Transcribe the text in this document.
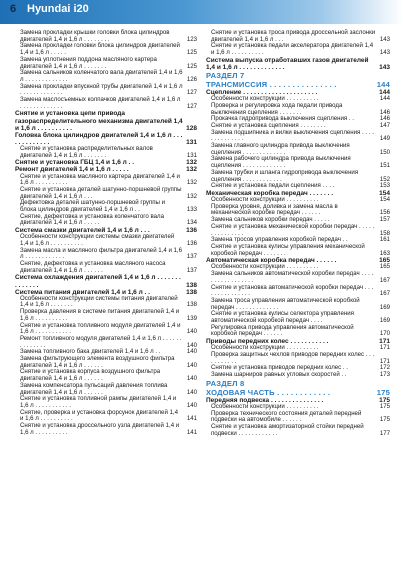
6 Hyundai i20
Замена прокладки крышки головки блока цилиндров двигателей 1,4 и 1,6 л . . . . . . . .	123
Замена прокладки головки блока цилиндров двигателей 1,4 и 1,6 л . . . . .	125
Замена уплотнения поддона масляного картера двигателей 1,4 и 1,6 л . . . . . . .	125
Замена сальников коленчатого вала двигателей 1,4 и 1,6 л . . . . . . . . . . . . .	126
Замена прокладки впускной трубы двигателей 1,4 и 1,6 л . . . . . . . . . . . . .	127
Замена маслосъемных колпачков двигателей 1,4 и 1,6 л . . . . . . . . . . . . .	127
Снятие и установка цепи привода газораспределительного механизма двигателей 1,4 и 1,6 л . . . . . . . . . .	128
Головка блока цилиндров двигателей 1,4 и 1,6 л . . . . . . . . . . . . .	131
Снятие и установка распределительных валов двигателей 1,4 и 1,6 л . . . . . . .	131
Снятие и установка ГБЦ 1,4 и 1,6 л . .	132
Ремонт двигателей 1,4 и 1,6 л . . . . .	132
Снятие и установка масляного картера двигателей 1,4 и 1,6 л . . . . . . . . . .	132
Снятие и установка деталей шатунно-поршневой группы двигателей 1,4 и 1,6 л . . .	132
Дефектовка деталей шатунно-поршневой группы и блока цилиндров двигателей 1,4 и 1,6 л . .	133
Снятие, дефектовка и установка коленчатого вала двигателей 1,4 и 1,6 л . . . . .	134
Система смазки двигателей 1,4 и 1,6 л . . .	136
Особенности конструкции системы смазки двигателей 1,4 и 1,6 л . . . . . . . . . .	136
Замена масла и масляного фильтра двигателей 1,4 и 1,6 л . . . . . . . . . . . .	137
Снятие, дефектовка и установка масляного насоса двигателей 1,4 и 1,6 л . . . . . .	137
Система охлаждения двигателей 1,4 и 1,6 л . . . . . . . . . . . . . .	138
Система питания двигателей 1,4 и 1,6 л . .	138
Особенности конструкции системы питания двигателей 1,4 и 1,6 л . . . . . . .	138
Проверка давления в системе питания двигателей 1,4 и 1,6 л . . . . . . . . . .	139
Снятие и установка топливного модуля двигателей 1,4 и 1,6 л . . . . . . . . . . .	140
Ремонт топливного модуля двигателей 1,4 и 1,6 л . . . . . . . . . . . . . .	140
Замена топливного бака двигателей 1,4 и 1,6 л . .	140
Замена фильтрующего элемента воздушного фильтра двигателей 1,4 и 1,6 л . . . . . .	140
Снятие и установка корпуса воздушного фильтра двигателей 1,4 и 1,6 л . . . . . .	140
Замена компенсатора пульсаций давления топлива двигателей 1,4 и 1,6 л . . . . . .	140
Снятие и установка топливной рампы двигателей 1,4 и 1,6 л . . . . . . . . . . .	140
Снятие, проверка и установка форсунок двигателей 1,4 и 1,6 л . . . . . . . . . .	141
Снятие и установка дроссельного узла двигателей 1,4 и 1,6 л . . . . . . . . . .	141
Снятие и установка троса привода дроссельной заслонки двигателей 1,4 и 1,6 л . . .	143
Снятие и установка педали акселератора двигателей 1,4 и 1,6 л . . . . . . . . . .	143
Система выпуска отработавших газов двигателей 1,4 и 1,6 л . . . . . . . . . . . . .	143
РАЗДЕЛ 7
ТРАНСМИССИЯ . . . . . . . . . . . . . . .	144
Сцепление . . . . . . . . . . . . . . . . . . . . .	144
Особенности конструкции . . . . . . . . . .	144
Проверка и регулировка хода педали привода выключения сцепления . . . . . . .	146
Прокачка гидропривода выключения сцепления . .	146
Снятие и установка сцепления . . . . . . . .	147
Замена подшипника и вилки выключения сцепления . . . . . . . . . . . . . .	149
Замена главного цилиндра привода выключения сцепления . . . . . . . . . . . . .	150
Замена рабочего цилиндра привода выключения сцепления . . . . . . . . . . . . .	151
Замена трубки и шланга гидропривода выключения сцепления . . . . . . . . . . . .	152
Снятие и установка педали сцепления . . . .	153
Механическая коробка передач . . . . . . .	154
Особенности конструкции . . . . . . . . . .	154
Проверка уровня, доливка и замена масла в механической коробке передач . . . . . .	156
Замена сальников коробки передач . . . . .	157
Снятие и установка механической коробки передач . . . . . . . . . . . . . . .	158
Замена тросов управления коробкой передач . .	161
Снятие и установка кулисы управления механической коробкой передач . . . . . . .	163
Автоматическая коробка передач . . . . . .	165
Особенности конструкции . . . . . . . . . .	165
Замена сальников автоматической коробки передач . . . . . . . . . . . . . . . . .	167
Снятие и установка автоматической коробки передач . . . . . . . . . . . . . . .	167
Замена троса управления автоматической коробкой передач . . . . . . . . . . . . .	169
Снятие и установка кулисы селектора управления автоматической коробкой передач . . . .	169
Регулировка привода управления автоматической коробкой передач . . . . . .	170
Приводы передних колес . . . . . . . . . . .	171
Особенности конструкции . . . . . . . . . .	171
Проверка защитных чехлов приводов передних колес . . . . . . . . . . .	171
Снятие и установка приводов передних колес . .	172
Замена шарниров равных угловых скоростей . .	173
РАЗДЕЛ 8
ХОДОВАЯ ЧАСТЬ . . . . . . . . . . . .	175
Передняя подвеска . . . . . . . . . . . . . . .	175
Особенности конструкции . . . . . . . . . .	175
Проверка технического состояния деталей передней подвески на автомобиле . . . . . .	175
Снятие и установка амортизаторной стойки передней подвески . . . . . . . . . . . .	177
